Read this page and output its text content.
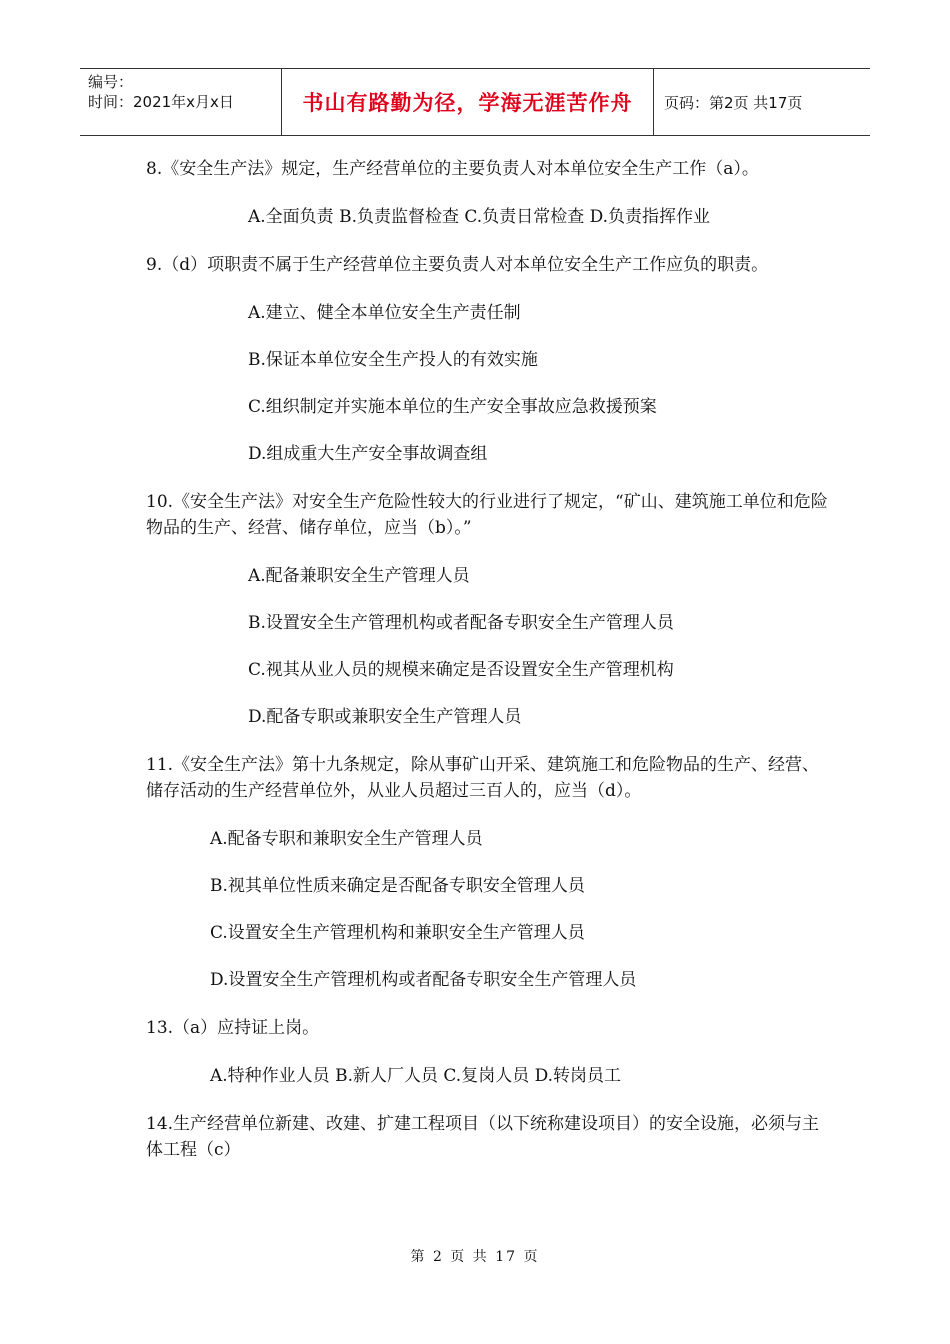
编号：
时间：2021年x月x日	书山有路勤为径，学海无涯苦作舟	页码：第2页 共17页
8.《安全生产法》规定，生产经营单位的主要负责人对本单位安全生产工作（a）。
A.全面负责 B.负责监督检查 C.负责日常检查 D.负责指挥作业
9.（d）项职责不属于生产经营单位主要负责人对本单位安全生产工作应负的职责。
A.建立、健全本单位安全生产责任制
B.保证本单位安全生产投人的有效实施
C.组织制定并实施本单位的生产安全事故应急救援预案
D.组成重大生产安全事故调查组
10.《安全生产法》对安全生产危险性较大的行业进行了规定，“矿山、建筑施工单位和危险物品的生产、经营、储存单位，应当（b）。”
A.配备兼职安全生产管理人员
B.设置安全生产管理机构或者配备专职安全生产管理人员
C.视其从业人员的规模来确定是否设置安全生产管理机构
D.配备专职或兼职安全生产管理人员
11.《安全生产法》第十九条规定，除从事矿山开采、建筑施工和危险物品的生产、经营、储存活动的生产经营单位外，从业人员超过三百人的，应当（d）。
A.配备专职和兼职安全生产管理人员
B.视其单位性质来确定是否配备专职安全管理人员
C.设置安全生产管理机构和兼职安全生产管理人员
D.设置安全生产管理机构或者配备专职安全生产管理人员
13.（a）应持证上岗。
A.特种作业人员 B.新人厂人员 C.复岗人员 D.转岗员工
14.生产经营单位新建、改建、扩建工程项目（以下统称建设项目）的安全设施，必须与主体工程（c）
第 2 页 共 17 页
